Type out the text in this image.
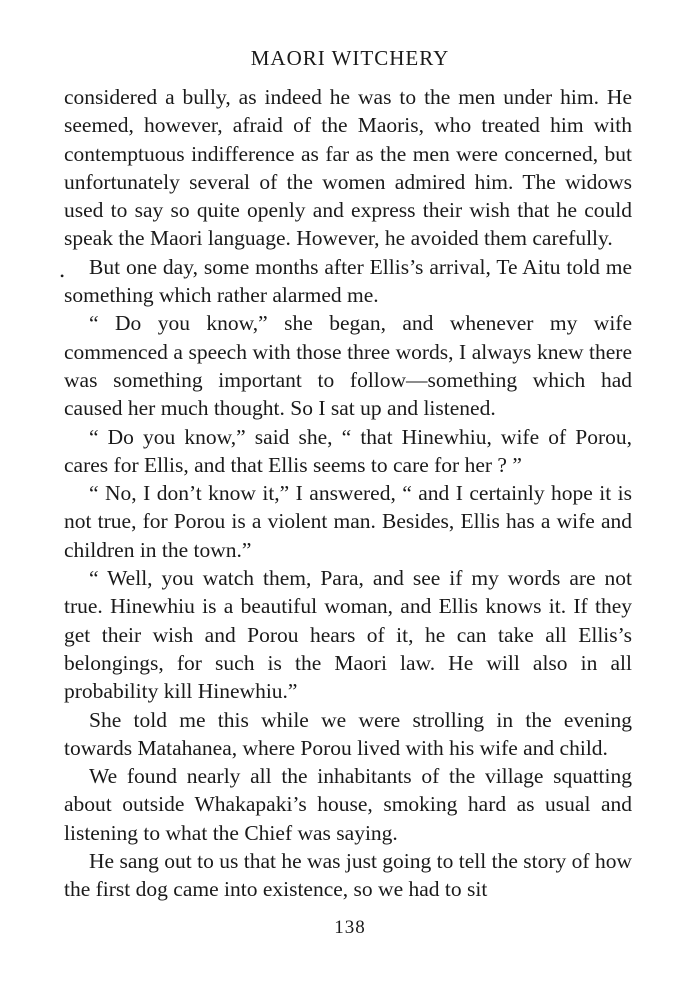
MAORI WITCHERY

considered a bully, as indeed he was to the men under him. He seemed, however, afraid of the Maoris, who treated him with contemptuous indifference as far as the men were concerned, but unfortunately several of the women admired him. The widows used to say so quite openly and express their wish that he could speak the Maori language. However, he avoided them carefully.

But one day, some months after Ellis’s arrival, Te Aitu told me something which rather alarmed me.

“ Do you know,” she began, and whenever my wife commenced a speech with those three words, I always knew there was something important to follow—something which had caused her much thought. So I sat up and listened.

“ Do you know,” said she, “ that Hinewhiu, wife of Porou, cares for Ellis, and that Ellis seems to care for her ? ”

“ No, I don’t know it,” I answered, “ and I certainly hope it is not true, for Porou is a violent man. Besides, Ellis has a wife and children in the town.”

“ Well, you watch them, Para, and see if my words are not true. Hinewhiu is a beautiful woman, and Ellis knows it. If they get their wish and Porou hears of it, he can take all Ellis’s belongings, for such is the Maori law. He will also in all probability kill Hinewhiu.”

She told me this while we were strolling in the evening towards Matahanea, where Porou lived with his wife and child.

We found nearly all the inhabitants of the village squatting about outside Whakapaki’s house, smoking hard as usual and listening to what the Chief was saying.

He sang out to us that he was just going to tell the story of how the first dog came into existence, so we had to sit

•
138
